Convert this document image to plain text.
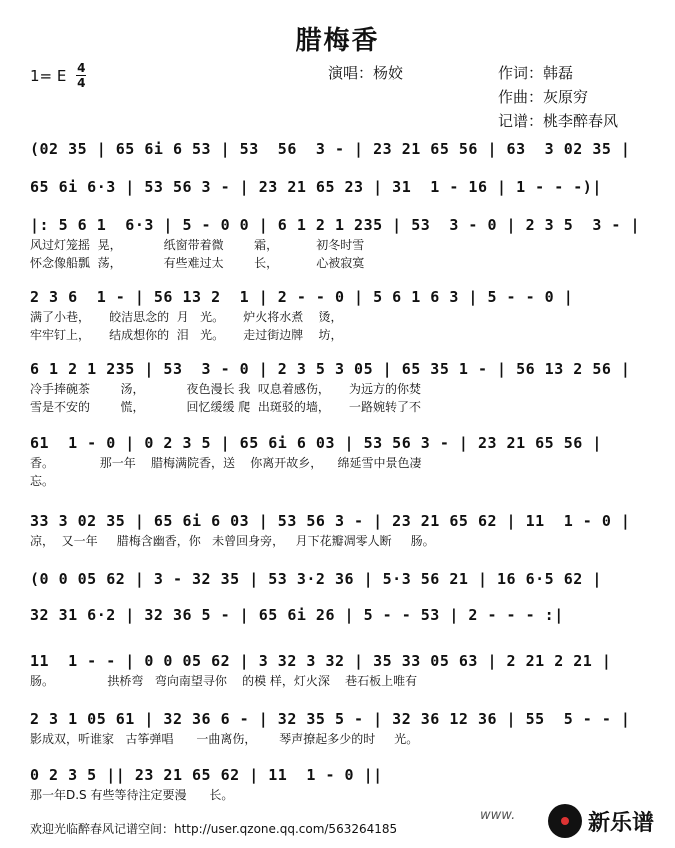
腊梅香
1= E $\frac{4}{4}$	演唱：杨姣	作词：韩磊
作曲：灰原穷
记谱：桃李醉春风
(02 35 | 65 6i 6 53 | 53  56  3 - | 23 21 65 56 | 63  3 02 35 |
65 6i 6·3 | 53 56 3 - | 23 21 65 23 | 31  1 - 16 | 1 - - -)|
|: 5 6 1  6·3 | 5 - 0 0 | 6 1 2 1 235 | 53  3 - 0 | 2 3 5  3 - |
风过灯笼摇  晃，           纸窗带着微        霜，          初冬时雪
怀念像船瓢  荡，           有些难过太        长，          心被寂寞
2 3 6  1 - | 56 13 2  1 | 2 - - 0 | 5 6 1 6 3 | 5 - - 0 |
满了小巷，     皎洁思念的  月   光。     炉火将水煮    烫，
牢牢钉上，     结成想你的  泪   光。     走过街边牌    坊，
6 1 2 1 235 | 53  3 - 0 | 2 3 5 3 05 | 65 35 1 - | 56 13 2 56 |
冷手捧碗茶        汤，           夜色漫长 我  叹息着感伤，     为远方的你焚
雪是不安的        慌，           回忆缓缓 爬  出斑驳的墙，     一路婉转了不
61  1 - 0 | 0 2 3 5 | 65 6i 6 03 | 53 56 3 - | 23 21 65 56 |
香。            那一年    腊梅满院香，送    你离开故乡，    绵延雪中景色凄
忘。
33 3 02 35 | 65 6i 6 03 | 53 56 3 - | 23 21 65 62 | 11  1 - 0 |
凉，  又一年     腊梅含幽香，你   未曾回身旁，   月下花瓣凋零人断     肠。
(0 0 05 62 | 3 - 32 35 | 53 3·2 36 | 5·3 56 21 | 16 6·5 62 |
32 31 6·2 | 32 36 5 - | 65 6i 26 | 5 - - 53 | 2 - - - :|
11  1 - - | 0 0 05 62 | 3 32 3 32 | 35 33 05 63 | 2 21 2 21 |
肠。              拱桥弯   弯向南望寻你    的模 样，灯火深    巷石板上唯有
2 3 1 05 61 | 32 36 6 - | 32 35 5 - | 32 36 12 36 | 55  5 - - |
影成双，听谁家   古筝弹唱      一曲离伤，      琴声撩起多少的时     光。
0 2 3 5 || 23 21 65 62 | 11  1 - 0 ||
那一年D.S 有些等待注定要漫      长。
欢迎光临醉春风记谱空间：http://user.qzone.qq.com/563264185
www.	新乐谱
